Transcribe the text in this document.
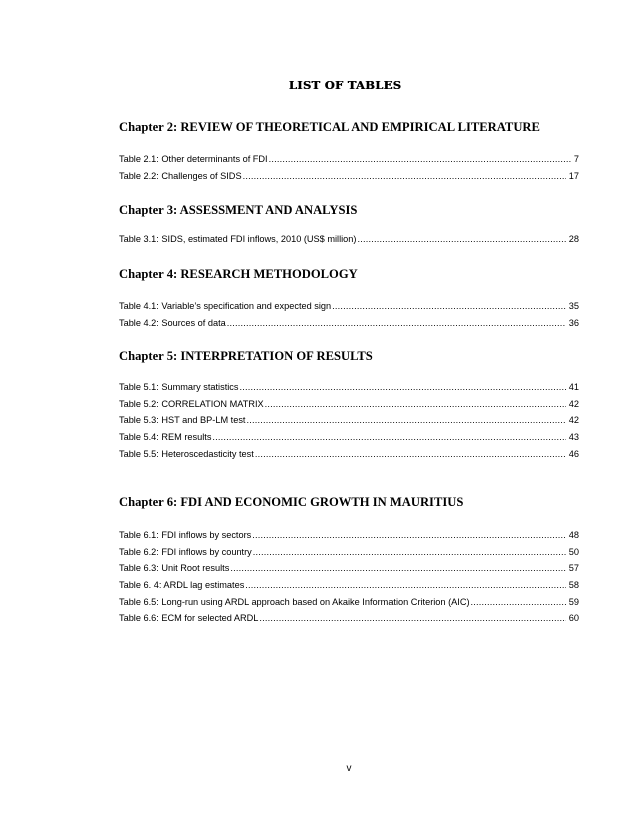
LIST OF TABLES
Chapter 2: REVIEW OF THEORETICAL AND EMPIRICAL LITERATURE
Table 2.1: Other determinants of FDI .....	7
Table 2.2: Challenges of SIDS .....	17
Chapter 3: ASSESSMENT AND ANALYSIS
Table 3.1: SIDS, estimated FDI inflows, 2010 (US$ million) .....	28
Chapter 4: RESEARCH METHODOLOGY
Table 4.1: Variable’s specification and expected sign .....	35
Table 4.2: Sources of data .....	36
Chapter 5: INTERPRETATION OF RESULTS
Table 5.1: Summary statistics .....	41
Table 5.2: CORRELATION MATRIX .....	42
Table 5.3: HST and BP-LM test .....	42
Table 5.4: REM results .....	43
Table 5.5: Heteroscedasticity test .....	46
Chapter 6: FDI AND ECONOMIC GROWTH IN MAURITIUS
Table 6.1: FDI inflows by sectors .....	48
Table 6.2: FDI inflows by country .....	50
Table 6.3: Unit Root results .....	57
Table 6. 4: ARDL lag estimates .....	58
Table 6.5: Long-run using ARDL approach based on Akaike Information Criterion (AIC) .....	59
Table 6.6: ECM for selected ARDL .....	60
v
